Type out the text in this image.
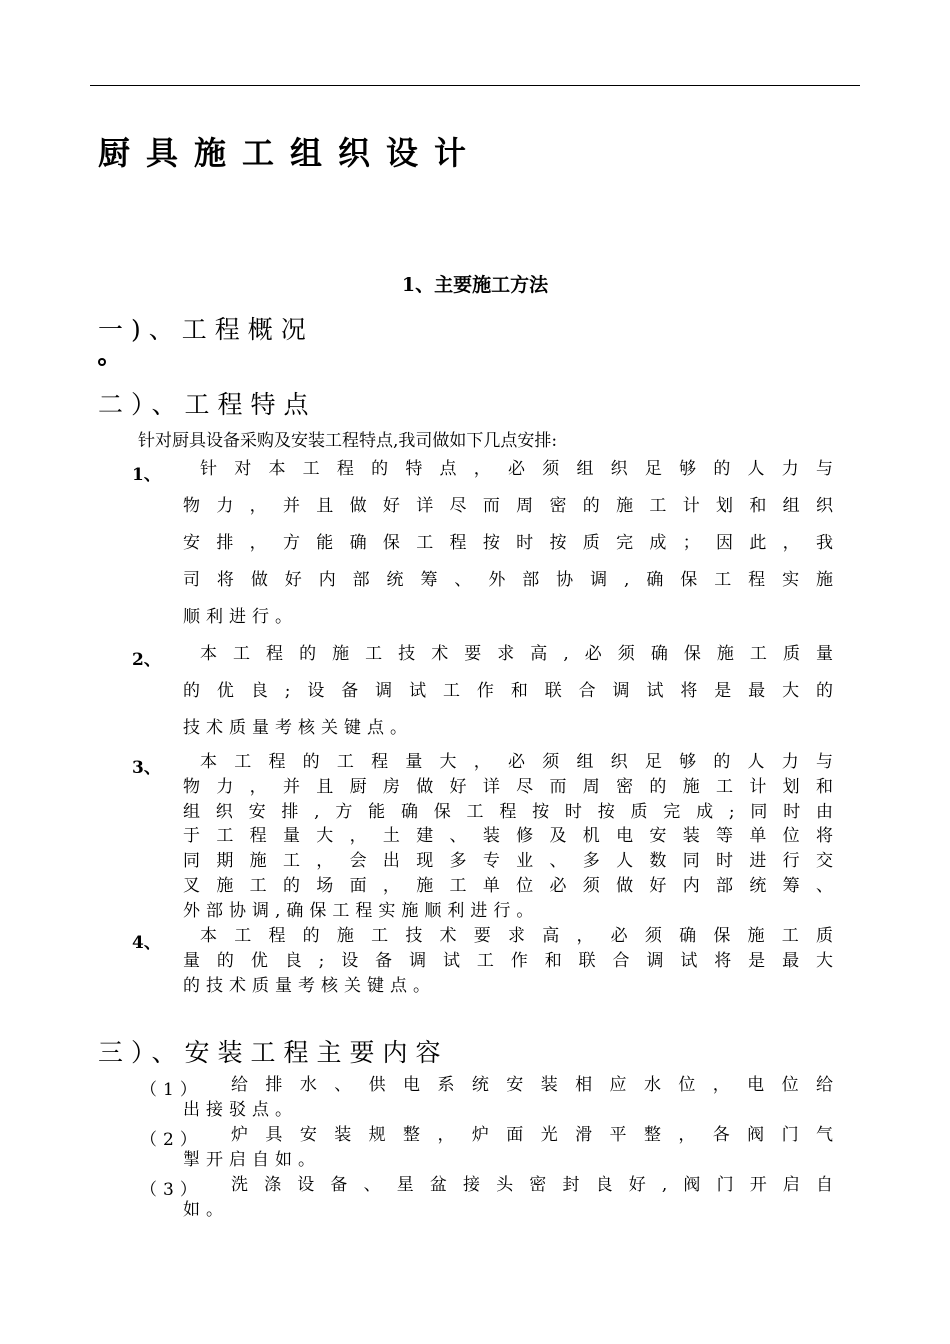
厨具施工组织设计
1、主要施工方法
一)、工程概况
二）、工程特点
针对厨具设备采购及安装工程特点,我司做如下几点安排:
1、	针对本工程的特点，必须组织足够的人力与
物力，并且做好详尽而周密的施工计划和组织
安排，方能确保工程按时按质完成；因此，我
司将做好内部统筹、外部协调,确保工程实施
顺利进行。
2、	本工程的施工技术要求高,必须确保施工质量
的优良;设备调试工作和联合调试将是最大的
技术质量考核关键点。
3、	本工程的工程量大，必须组织足够的人力与
物力，并且厨房做好详尽而周密的施工计划和
组织安排,方能确保工程按时按质完成;同时由
于工程量大，土建、装修及机电安装等单位将
同期施工，会出现多专业、多人数同时进行交
叉施工的场面，施工单位必须做好内部统筹、
外部协调,确保工程实施顺利进行。
4、	本工程的施工技术要求高，必须确保施工质
量的优良;设备调试工作和联合调试将是最大
的技术质量考核关键点。
三）、安装工程主要内容
（1）	给排水、供电系统安装相应水位，电位给
出接驳点。
（2）	炉具安装规整，炉面光滑平整，各阀门气
掣开启自如。
（3）	洗涤设备、星盆接头密封良好,阀门开启自
如。
